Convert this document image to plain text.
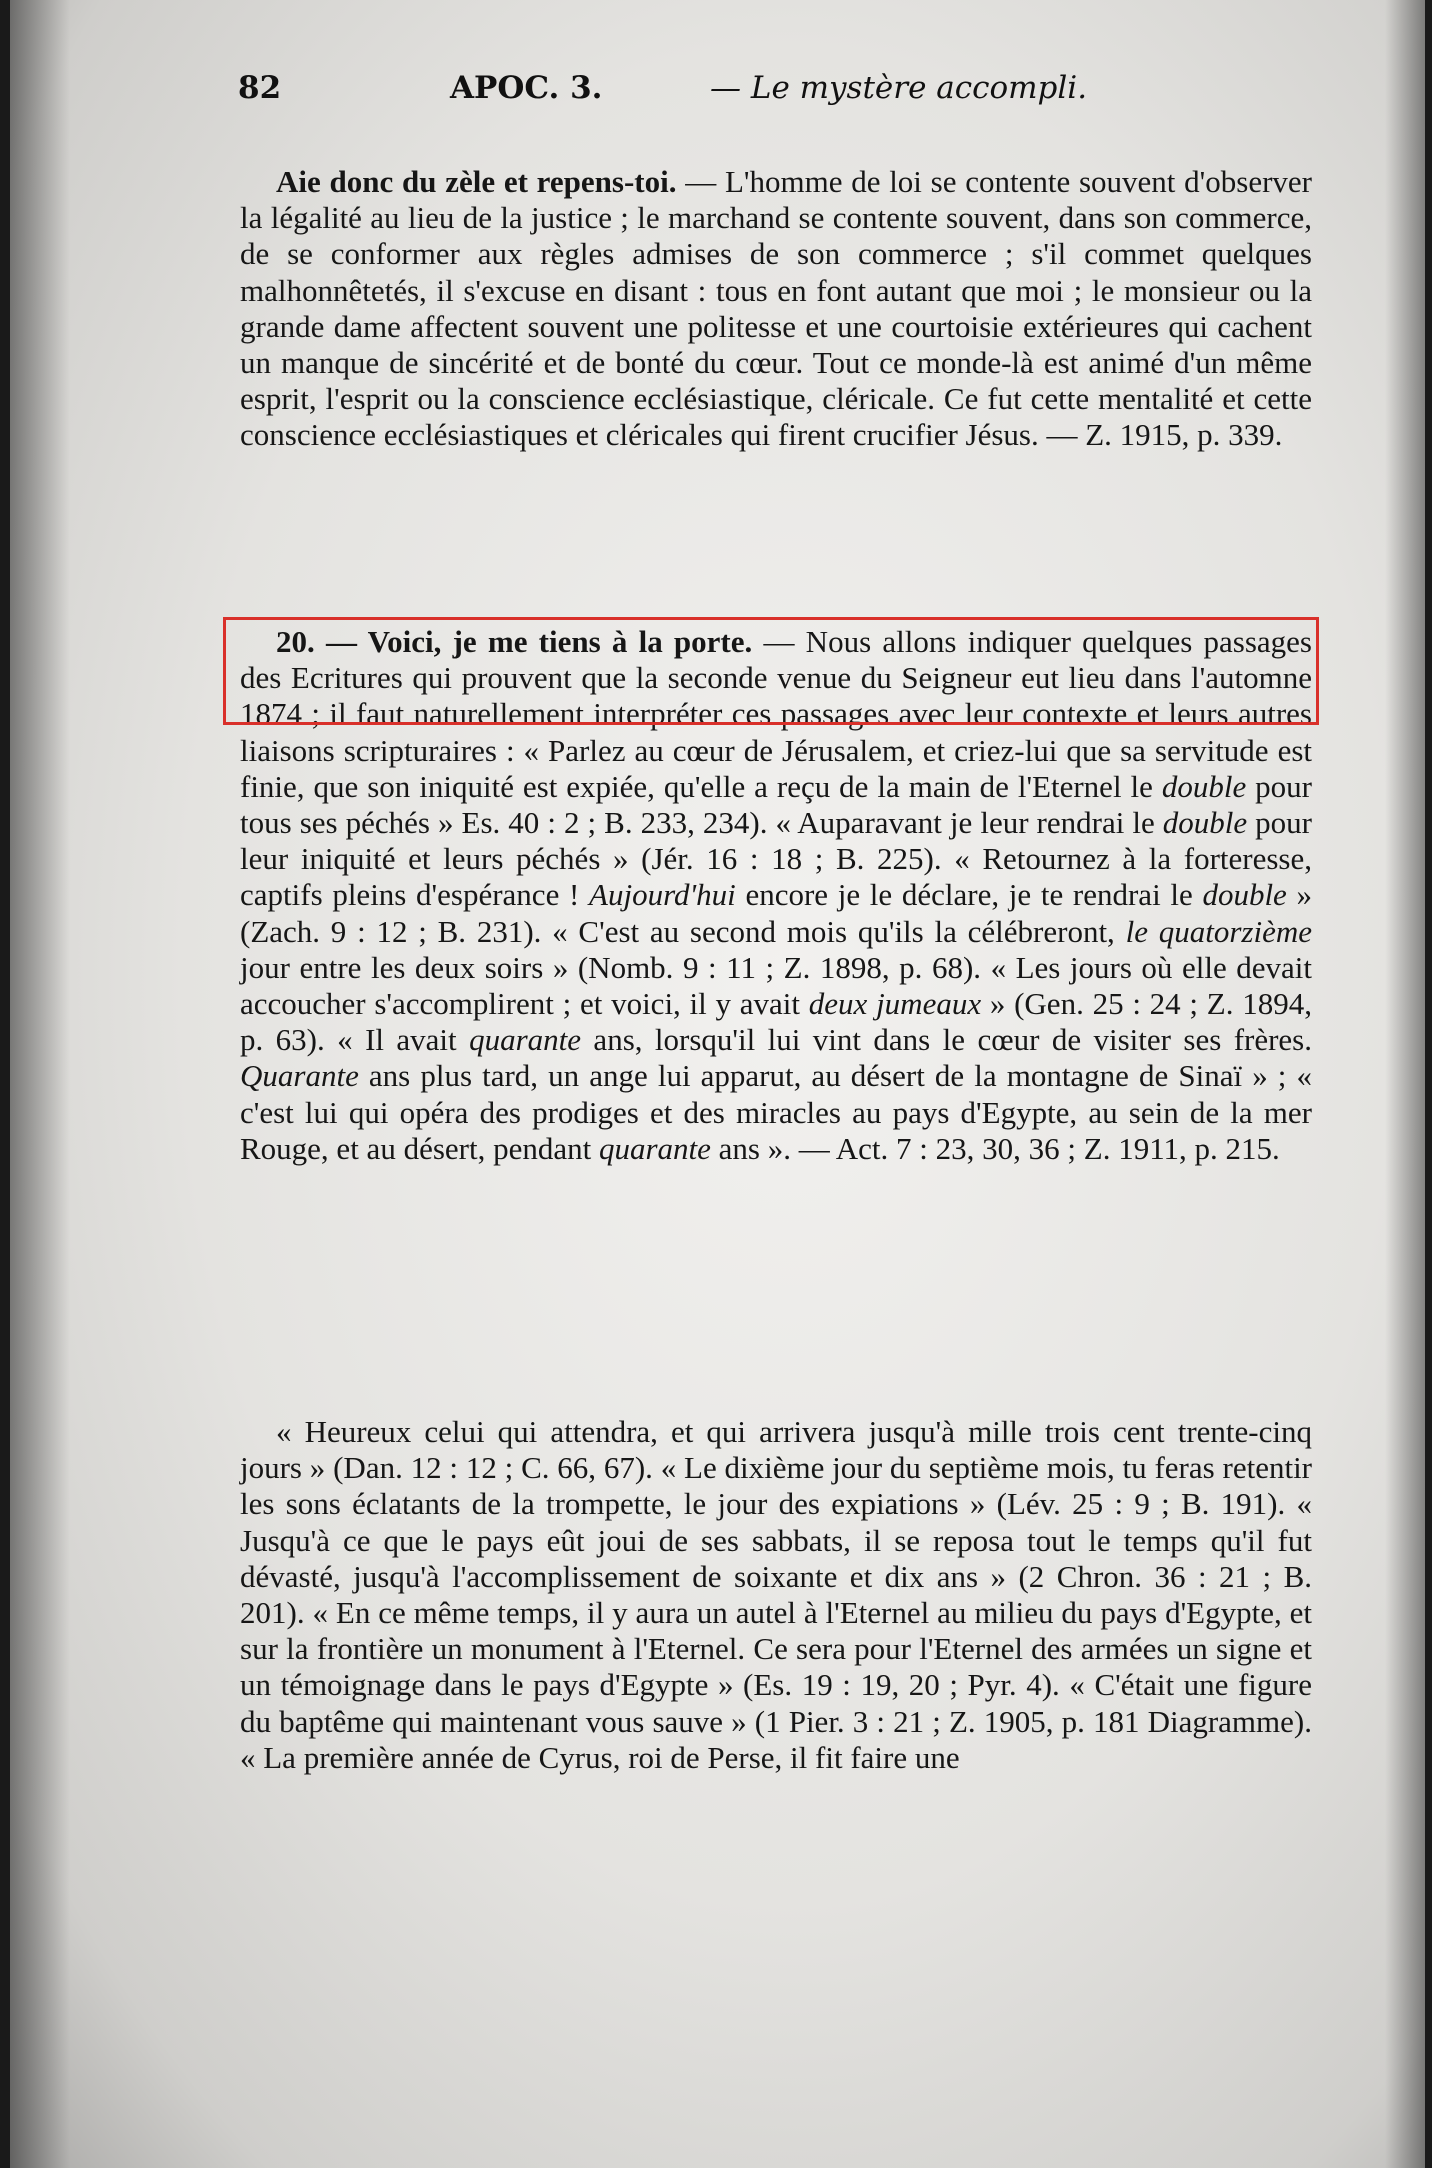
82	APOC. 3.	— Le mystère accompli.

Aie donc du zèle et repens-toi. — L'homme de loi se contente souvent d'observer la légalité au lieu de la justice ; le marchand se contente souvent, dans son commerce, de se conformer aux règles admises de son commerce ; s'il commet quelques malhonnêtetés, il s'excuse en disant : tous en font autant que moi ; le monsieur ou la grande dame affectent souvent une politesse et une courtoisie extérieures qui cachent un manque de sincérité et de bonté du cœur. Tout ce monde-là est animé d'un même esprit, l'esprit ou la conscience ecclésiastique, cléricale. Ce fut cette mentalité et cette conscience ecclésiastiques et cléricales qui firent crucifier Jésus. — Z. 1915, p. 339.

20. — Voici, je me tiens à la porte. — Nous allons indiquer quelques passages des Ecritures qui prouvent que la seconde venue du Seigneur eut lieu dans l'automne 1874 ; il faut naturellement interpréter ces passages avec leur contexte et leurs autres liaisons scripturaires : « Parlez au cœur de Jérusalem, et criez-lui que sa servitude est finie, que son iniquité est expiée, qu'elle a reçu de la main de l'Eternel le double pour tous ses péchés » Es. 40 : 2 ; B. 233, 234). « Auparavant je leur rendrai le double pour leur iniquité et leurs péchés » (Jér. 16 : 18 ; B. 225). « Retournez à la forteresse, captifs pleins d'espérance ! Aujourd'hui encore je le déclare, je te rendrai le double » (Zach. 9 : 12 ; B. 231). « C'est au second mois qu'ils la célébreront, le quatorzième jour entre les deux soirs » (Nomb. 9 : 11 ; Z. 1898, p. 68). « Les jours où elle devait accoucher s'accomplirent ; et voici, il y avait deux jumeaux » (Gen. 25 : 24 ; Z. 1894, p. 63). « Il avait quarante ans, lorsqu'il lui vint dans le cœur de visiter ses frères. Quarante ans plus tard, un ange lui apparut, au désert de la montagne de Sinaï » ; « c'est lui qui opéra des prodiges et des miracles au pays d'Egypte, au sein de la mer Rouge, et au désert, pendant quarante ans ». — Act. 7 : 23, 30, 36 ; Z. 1911, p. 215.

« Heureux celui qui attendra, et qui arrivera jusqu'à mille trois cent trente-cinq jours » (Dan. 12 : 12 ; C. 66, 67). « Le dixième jour du septième mois, tu feras retentir les sons éclatants de la trompette, le jour des expiations » (Lév. 25 : 9 ; B. 191). « Jusqu'à ce que le pays eût joui de ses sabbats, il se reposa tout le temps qu'il fut dévasté, jusqu'à l'accomplissement de soixante et dix ans » (2 Chron. 36 : 21 ; B. 201). « En ce même temps, il y aura un autel à l'Eternel au milieu du pays d'Egypte, et sur la frontière un monument à l'Eternel. Ce sera pour l'Eternel des armées un signe et un témoignage dans le pays d'Egypte » (Es. 19 : 19, 20 ; Pyr. 4). « C'était une figure du baptême qui maintenant vous sauve » (1 Pier. 3 : 21 ; Z. 1905, p. 181 Diagramme). « La première année de Cyrus, roi de Perse, il fit faire une
